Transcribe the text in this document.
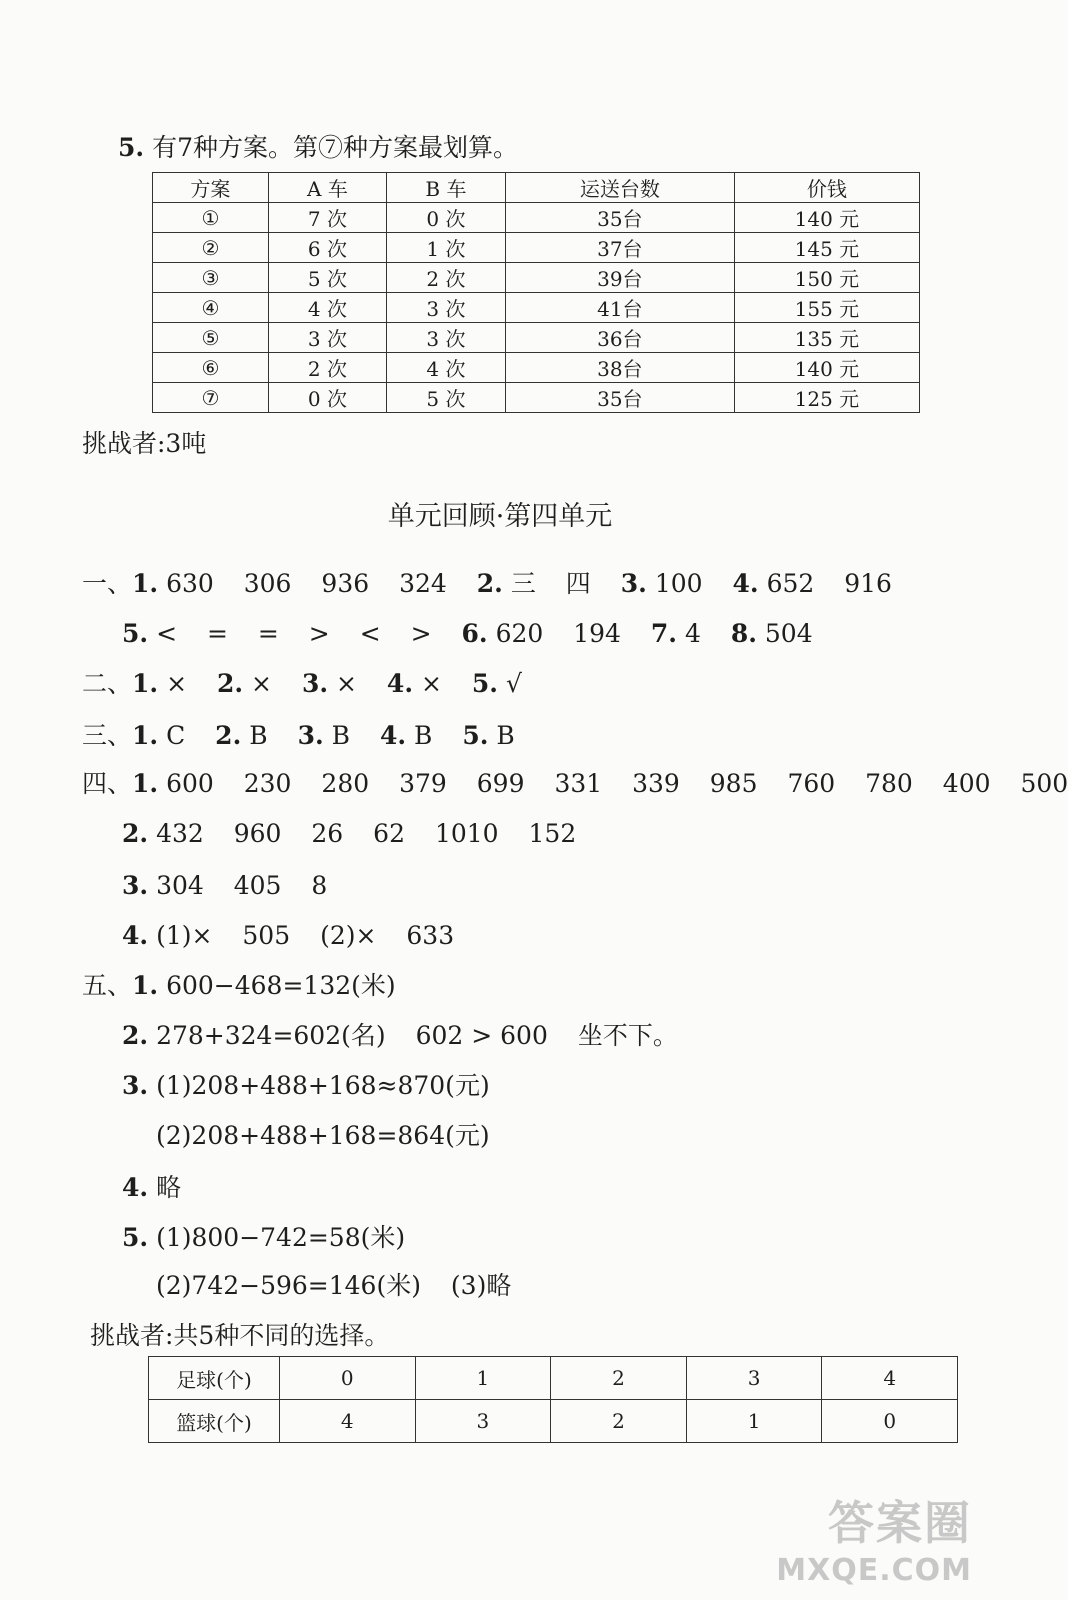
5. 有7种方案。第⑦种方案最划算。
方案	A 车	B 车	运送台数	价钱
①	7 次	0 次	35台	140 元
②	6 次	1 次	37台	145 元
③	5 次	2 次	39台	150 元
④	4 次	3 次	41台	155 元
⑤	3 次	3 次	36台	135 元
⑥	2 次	4 次	38台	140 元
⑦	0 次	5 次	35台	125 元
挑战者:3吨
单元回顾·第四单元
一、1. 630 306 936 324 2. 三 四 3. 100 4. 652 916
5. < = = > < > 6. 620 194 7. 4 8. 504
二、1. × 2. × 3. × 4. × 5. √
三、1. C 2. B 3. B 4. B 5. B
四、1. 600 230 280 379 699 331 339 985 760 780 400 500
2. 432 960 26 62 1010 152
3. 304 405 8
4. (1)× 505 (2)× 633
五、1. 600−468=132(米)
2. 278+324=602(名) 602 > 600 坐不下。
3. (1)208+488+168≈870(元)
(2)208+488+168=864(元)
4. 略
5. (1)800−742=58(米)
(2)742−596=146(米) (3)略
挑战者:共5种不同的选择。
足球(个)	0	1	2	3	4
篮球(个)	4	3	2	1	0
答案圈
MXQE.COM
